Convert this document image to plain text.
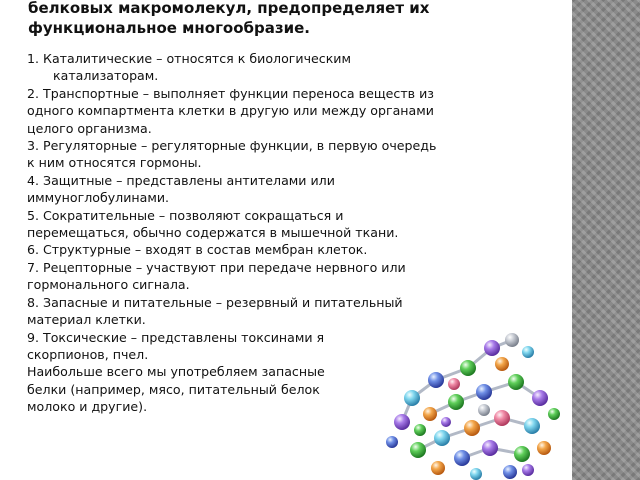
белковых макромолекул, предопределяет их
функциональное многообразие.
1. Каталитические – относятся к биологическим
катализаторам.
2. Транспортные – выполняет функции переноса веществ из
одного компартмента клетки в другую или между органами
целого организма.
3. Регуляторные – регуляторные функции, в первую очередь
к ним относятся гормоны.
4. Защитные – представлены антителами или
иммуноглобулинами.
5. Сократительные – позволяют сокращаться и
перемещаться, обычно содержатся в мышечной ткани.
6. Структурные – входят в состав мембран клеток.
7. Рецепторные – участвуют при передаче нервного или
гормонального сигнала.
8. Запасные и питательные – резервный и питательный
материал клетки.
9. Токсические – представлены токсинами я
скорпионов, пчел.
Наибольше всего мы употребляем запасные
белки (например, мясо, питательный белок
молоко и другие).
